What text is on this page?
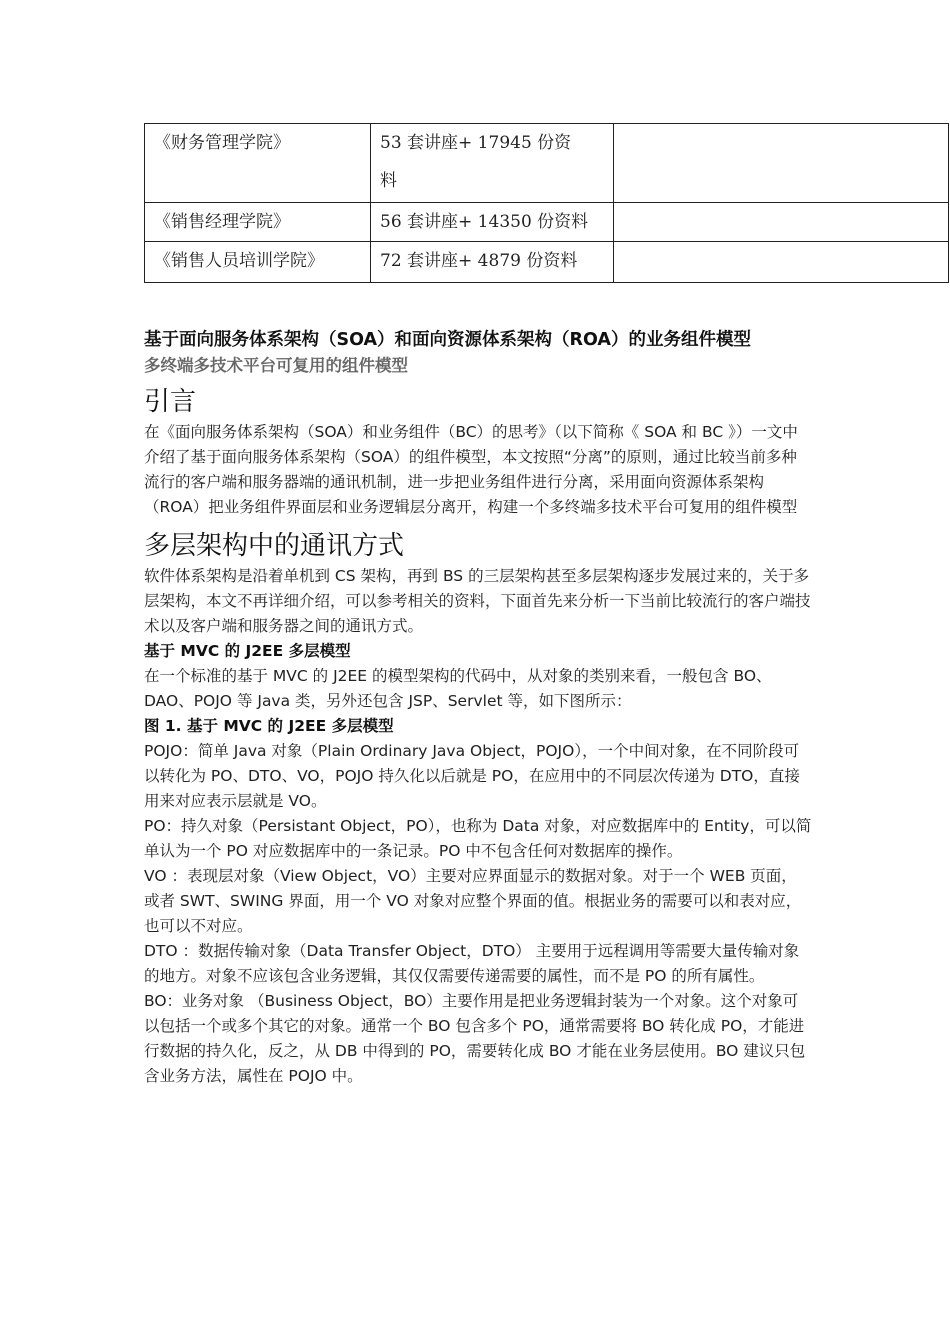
《财务管理学院》	53 套讲座+ 17945 份资
料	

《销售经理学院》	56 套讲座+ 14350 份资料	
《销售人员培训学院》	72 套讲座+ 4879 份资料	

基于面向服务体系架构（SOA）和面向资源体系架构（ROA）的业务组件模型

多终端多技术平台可复用的组件模型

引言

在《面向服务体系架构（SOA）和业务组件（BC）的思考》（以下简称《 SOA 和 BC 》）一文中介绍了基于面向服务体系架构（SOA）的组件模型，本文按照“分离”的原则，通过比较当前多种流行的客户端和服务器端的通讯机制，进一步把业务组件进行分离，采用面向资源体系架构（ROA）把业务组件界面层和业务逻辑层分离开，构建一个多终端多技术平台可复用的组件模型

多层架构中的通讯方式

软件体系架构是沿着单机到 CS 架构，再到 BS 的三层架构甚至多层架构逐步发展过来的，关于多层架构，本文不再详细介绍，可以参考相关的资料，下面首先来分析一下当前比较流行的客户端技术以及客户端和服务器之间的通讯方式。

基于 MVC 的 J2EE 多层模型

在一个标准的基于 MVC 的 J2EE 的模型架构的代码中，从对象的类别来看，一般包含 BO、DAO、POJO 等 Java 类，另外还包含 JSP、Servlet 等，如下图所示：

图 1. 基于 MVC 的 J2EE 多层模型

POJO：简单 Java 对象（Plain Ordinary Java Object，POJO），一个中间对象，在不同阶段可以转化为 PO、DTO、VO，POJO 持久化以后就是 PO，在应用中的不同层次传递为 DTO，直接用来对应表示层就是 VO。

PO：持久对象（Persistant Object，PO），也称为 Data 对象，对应数据库中的 Entity，可以简单认为一个 PO 对应数据库中的一条记录。PO 中不包含任何对数据库的操作。

VO ：表现层对象（View Object，VO）主要对应界面显示的数据对象。对于一个 WEB 页面，或者 SWT、SWING 界面，用一个 VO 对象对应整个界面的值。根据业务的需要可以和表对应，也可以不对应。

DTO ：数据传输对象（Data Transfer Object，DTO） 主要用于远程调用等需要大量传输对象的地方。对象不应该包含业务逻辑，其仅仅需要传递需要的属性，而不是 PO 的所有属性。

BO：业务对象 （Business Object，BO）主要作用是把业务逻辑封装为一个对象。这个对象可以包括一个或多个其它的对象。通常一个 BO 包含多个 PO，通常需要将 BO 转化成 PO，才能进行数据的持久化，反之，从 DB 中得到的 PO，需要转化成 BO 才能在业务层使用。BO 建议只包含业务方法，属性在 POJO 中。
